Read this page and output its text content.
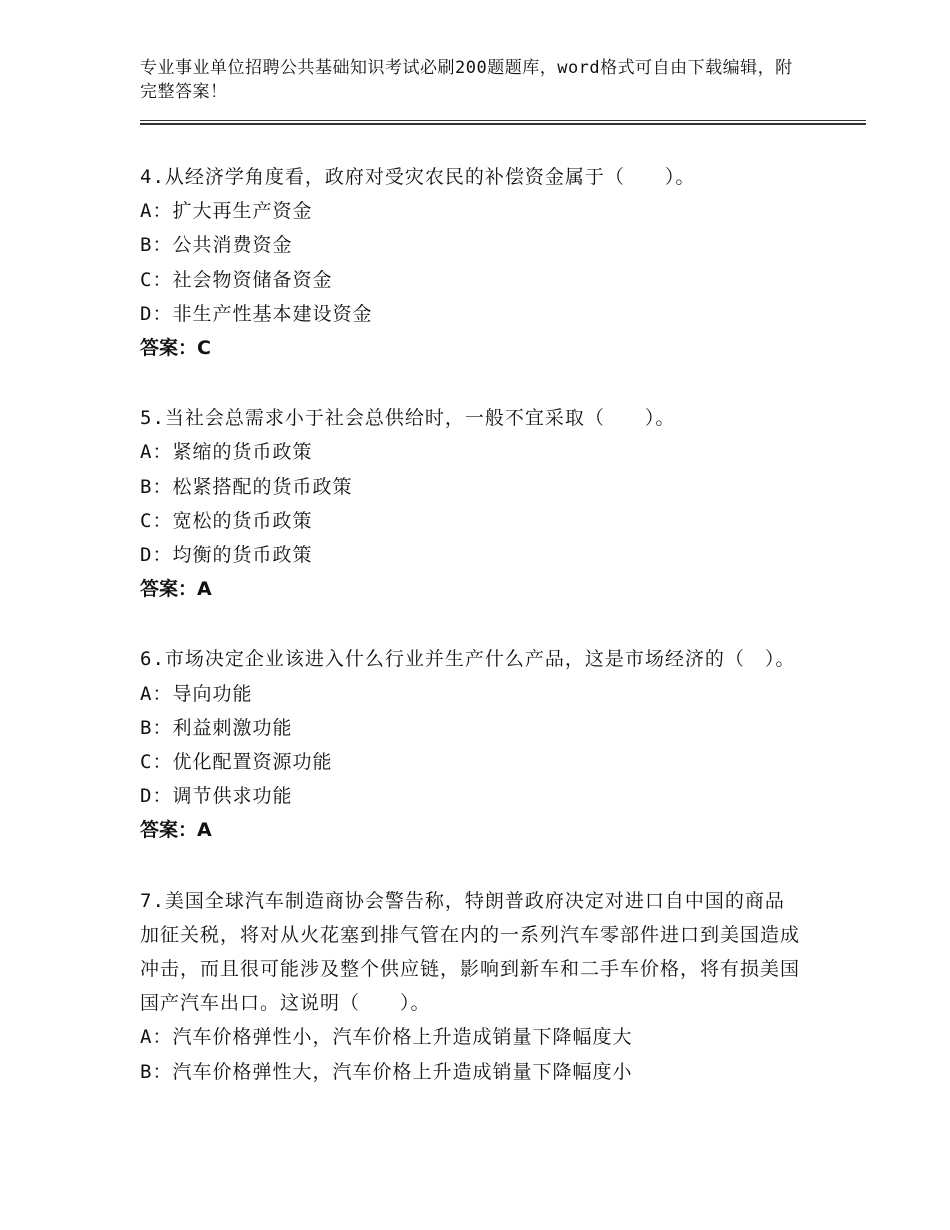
专业事业单位招聘公共基础知识考试必刷200题题库，word格式可自由下载编辑，附完整答案！

4.从经济学角度看，政府对受灾农民的补偿资金属于（　　）。

A：扩大再生产资金

B：公共消费资金

C：社会物资储备资金

D：非生产性基本建设资金

答案：C

5.当社会总需求小于社会总供给时，一般不宜采取（　　）。

A：紧缩的货币政策

B：松紧搭配的货币政策

C：宽松的货币政策

D：均衡的货币政策

答案：A

6.市场决定企业该进入什么行业并生产什么产品，这是市场经济的（　）。

A：导向功能

B：利益刺激功能

C：优化配置资源功能

D：调节供求功能

答案：A

7.美国全球汽车制造商协会警告称，特朗普政府决定对进口自中国的商品加征关税，将对从火花塞到排气管在内的一系列汽车零部件进口到美国造成冲击，而且很可能涉及整个供应链，影响到新车和二手车价格，将有损美国国产汽车出口。这说明（　　）。

A：汽车价格弹性小，汽车价格上升造成销量下降幅度大

B：汽车价格弹性大，汽车价格上升造成销量下降幅度小
